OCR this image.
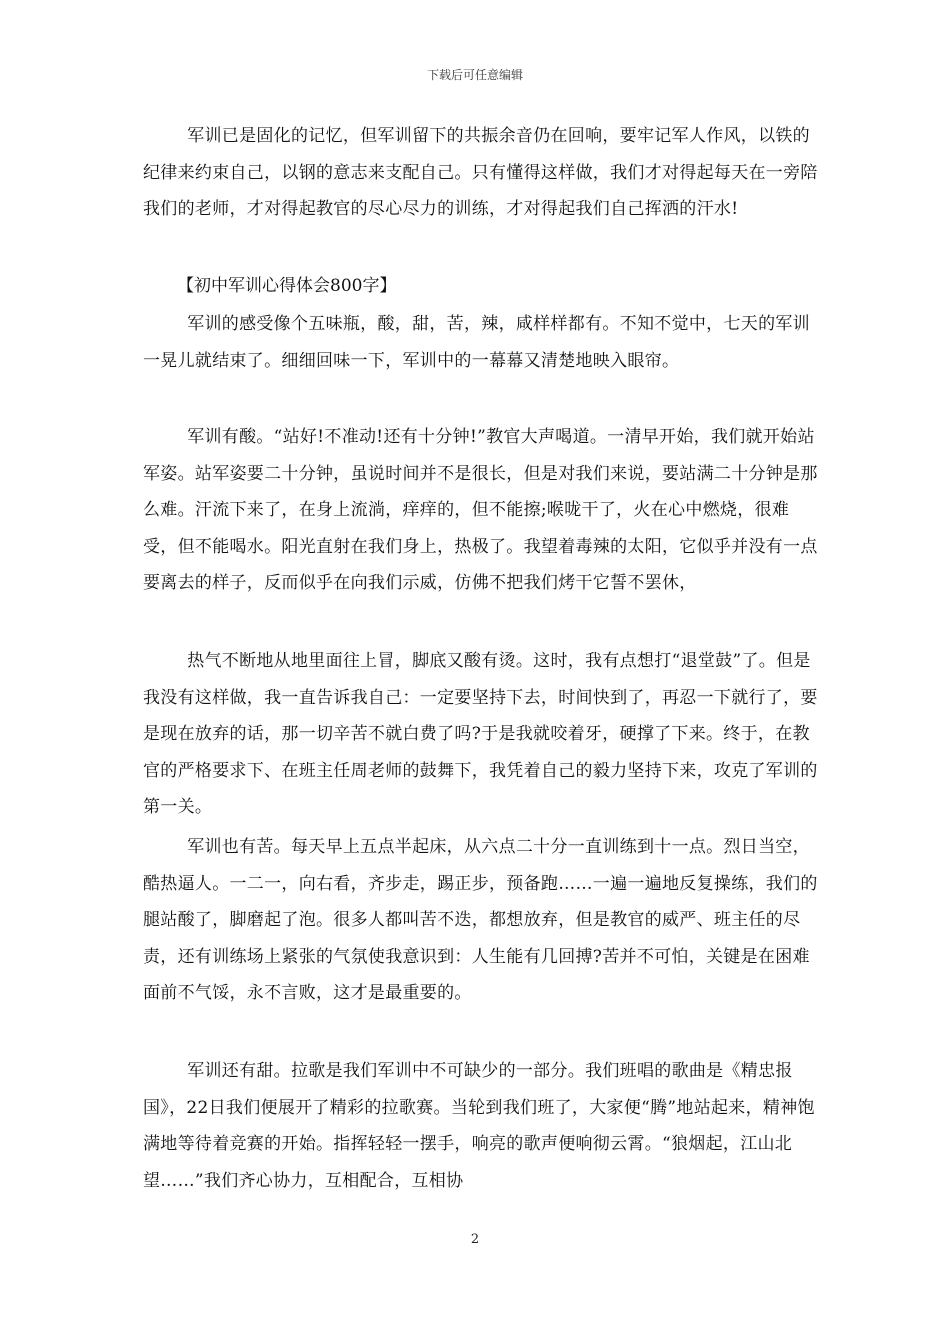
下载后可任意编辑

军训已是固化的记忆，但军训留下的共振余音仍在回响，要牢记军人作风，以铁的纪律来约束自己，以钢的意志来支配自己。只有懂得这样做，我们才对得起每天在一旁陪我们的老师，才对得起教官的尽心尽力的训练，才对得起我们自己挥洒的汗水!

【初中军训心得体会800字】

军训的感受像个五味瓶，酸，甜，苦，辣，咸样样都有。不知不觉中，七天的军训一晃儿就结束了。细细回味一下，军训中的一幕幕又清楚地映入眼帘。

军训有酸。“站好!不准动!还有十分钟!”教官大声喝道。一清早开始，我们就开始站军姿。站军姿要二十分钟，虽说时间并不是很长，但是对我们来说，要站满二十分钟是那么难。汗流下来了，在身上流淌，痒痒的，但不能擦;喉咙干了，火在心中燃烧，很难受，但不能喝水。阳光直射在我们身上，热极了。我望着毒辣的太阳，它似乎并没有一点要离去的样子，反而似乎在向我们示威，仿佛不把我们烤干它誓不罢休，

热气不断地从地里面往上冒，脚底又酸有烫。这时，我有点想打“退堂鼓”了。但是我没有这样做，我一直告诉我自己：一定要坚持下去，时间快到了，再忍一下就行了，要是现在放弃的话，那一切辛苦不就白费了吗?于是我就咬着牙，硬撑了下来。终于，在教官的严格要求下、在班主任周老师的鼓舞下，我凭着自己的毅力坚持下来，攻克了军训的第一关。

军训也有苦。每天早上五点半起床，从六点二十分一直训练到十一点。烈日当空，酷热逼人。一二一，向右看，齐步走，踢正步，预备跑……一遍一遍地反复操练，我们的腿站酸了，脚磨起了泡。很多人都叫苦不迭，都想放弃，但是教官的威严、班主任的尽责，还有训练场上紧张的气氛使我意识到：人生能有几回搏?苦并不可怕，关键是在困难面前不气馁，永不言败，这才是最重要的。

军训还有甜。拉歌是我们军训中不可缺少的一部分。我们班唱的歌曲是《精忠报国》，22日我们便展开了精彩的拉歌赛。当轮到我们班了，大家便“腾”地站起来，精神饱满地等待着竞赛的开始。指挥轻轻一摆手，响亮的歌声便响彻云霄。“狼烟起，江山北望……”我们齐心协力，互相配合，互相协

2
